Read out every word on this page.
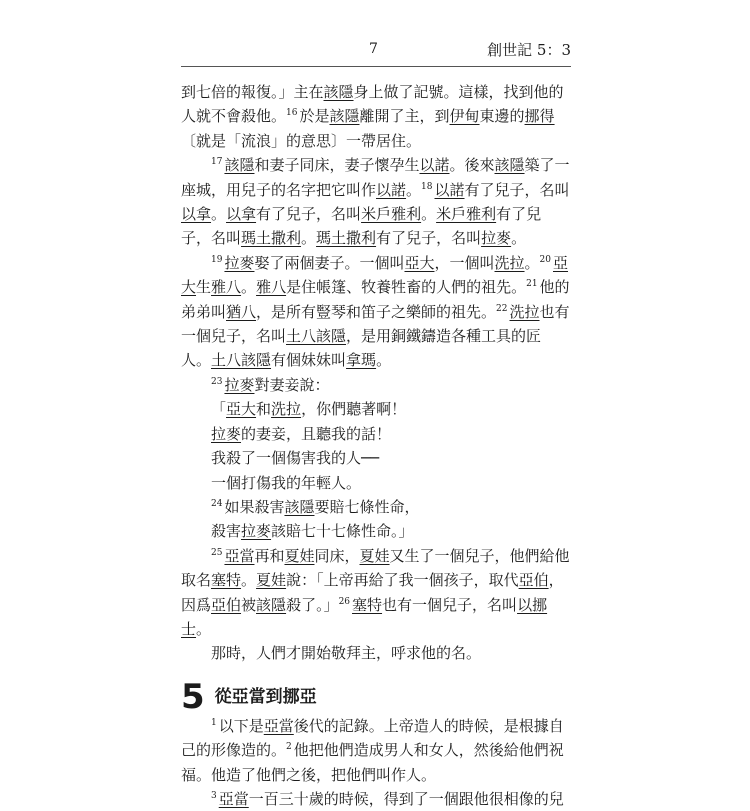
7	創世記 5：3

到七倍的報復。」主在該隱身上做了記號。這樣，找到他的人就不會殺他。$^{16}$ 於是該隱離開了主，到伊甸東邊的挪得〔就是「流浪」的意思〕一帶居住。

$^{17}$ 該隱和妻子同床，妻子懷孕生以諾。後來該隱築了一座城，用兒子的名字把它叫作以諾。$^{18}$ 以諾有了兒子，名叫以拿。以拿有了兒子，名叫米戶雅利。米戶雅利有了兒子，名叫瑪土撒利。瑪土撒利有了兒子，名叫拉麥。

$^{19}$ 拉麥娶了兩個妻子。一個叫亞大，一個叫洗拉。$^{20}$ 亞大生雅八。雅八是住帳篷、牧養牲畜的人們的祖先。$^{21}$ 他的弟弟叫猶八，是所有豎琴和笛子之樂師的祖先。$^{22}$ 洗拉也有一個兒子，名叫土八該隱，是用銅鐵鑄造各種工具的匠人。土八該隱有個妹妹叫拿瑪。

$^{23}$ 拉麥對妻妾說：

「亞大和洗拉，你們聽著啊！
拉麥的妻妾，且聽我的話！
我殺了一個傷害我的人──
一個打傷我的年輕人。
$^{24}$ 如果殺害該隱要賠七條性命，
殺害拉麥該賠七十七條性命。」

$^{25}$ 亞當再和夏娃同床，夏娃又生了一個兒子，他們給他取名塞特。夏娃說：「上帝再給了我一個孩子，取代亞伯，因爲亞伯被該隱殺了。」$^{26}$ 塞特也有一個兒子，名叫以挪士。

那時，人們才開始敬拜主，呼求他的名。

5 從亞當到挪亞

$^1$ 以下是亞當後代的記錄。上帝造人的時候，是根據自己的形像造的。$^2$ 他把他們造成男人和女人，然後給他們祝福。他造了他們之後，把他們叫作人。

$^3$ 亞當一百三十歲的時候，得到了一個跟他很相像的兒
